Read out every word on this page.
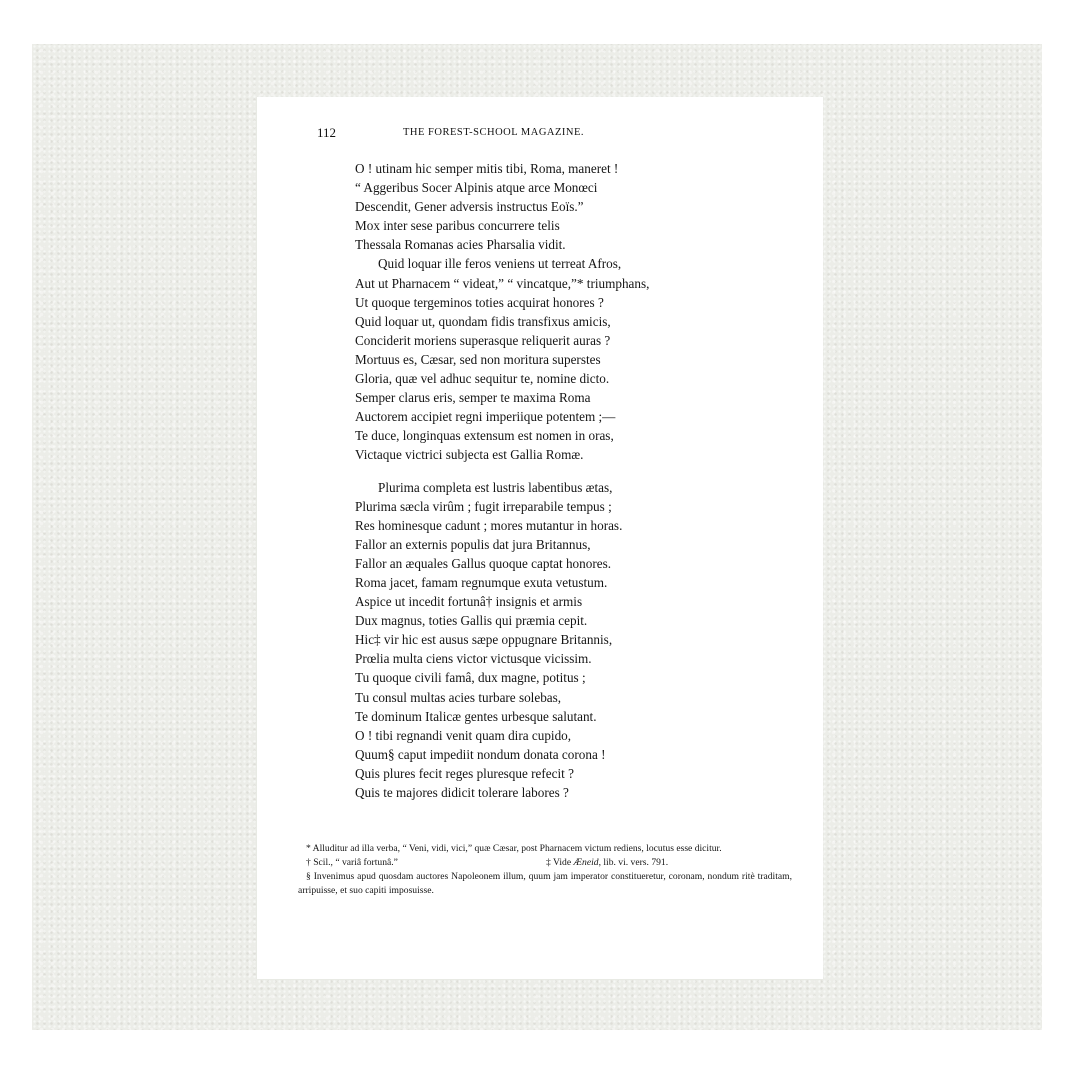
112	THE FOREST-SCHOOL MAGAZINE.
O ! utinam hic semper mitis tibi, Roma, maneret !
“ Aggeribus Socer Alpinis atque arce Monœci
Descendit, Gener adversis instructus Eoïs.”
Mox inter sese paribus concurrere telis
Thessala Romanas acies Pharsalia vidit.
Quid loquar ille feros veniens ut terreat Afros,
Aut ut Pharnacem “ videat,” “ vincatque,”* triumphans,
Ut quoque tergeminos toties acquirat honores ?
Quid loquar ut, quondam fidis transfixus amicis,
Conciderit moriens superasque reliquerit auras ?
Mortuus es, Cæsar, sed non moritura superstes
Gloria, quæ vel adhuc sequitur te, nomine dicto.
Semper clarus eris, semper te maxima Roma
Auctorem accipiet regni imperiique potentem ;—
Te duce, longinquas extensum est nomen in oras,
Victaque victrici subjecta est Gallia Romæ.
Plurima completa est lustris labentibus ætas,
Plurima sæcla virûm ; fugit irreparabile tempus ;
Res hominesque cadunt ; mores mutantur in horas.
Fallor an externis populis dat jura Britannus,
Fallor an æquales Gallus quoque captat honores.
Roma jacet, famam regnumque exuta vetustum.
Aspice ut incedit fortunâ† insignis et armis
Dux magnus, toties Gallis qui præmia cepit.
Hic‡ vir hic est ausus sæpe oppugnare Britannis,
Prœlia multa ciens victor victusque vicissim.
Tu quoque civili famâ, dux magne, potitus ;
Tu consul multas acies turbare solebas,
Te dominum Italicæ gentes urbesque salutant.
O ! tibi regnandi venit quam dira cupido,
Quum§ caput impediit nondum donata corona !
Quis plures fecit reges pluresque refecit ?
Quis te majores didicit tolerare labores ?
* Alluditur ad illa verba, “ Veni, vidi, vici,” quæ Cæsar, post Pharnacem victum rediens, locutus esse dicitur.
† Scil., “ variâ fortunâ.”	‡ Vide Æneid, lib. vi. vers. 791.
§ Invenimus apud quosdam auctores Napoleonem illum, quum jam imperator constitueretur, coronam, nondum ritè traditam, arripuisse, et suo capiti imposuisse.
